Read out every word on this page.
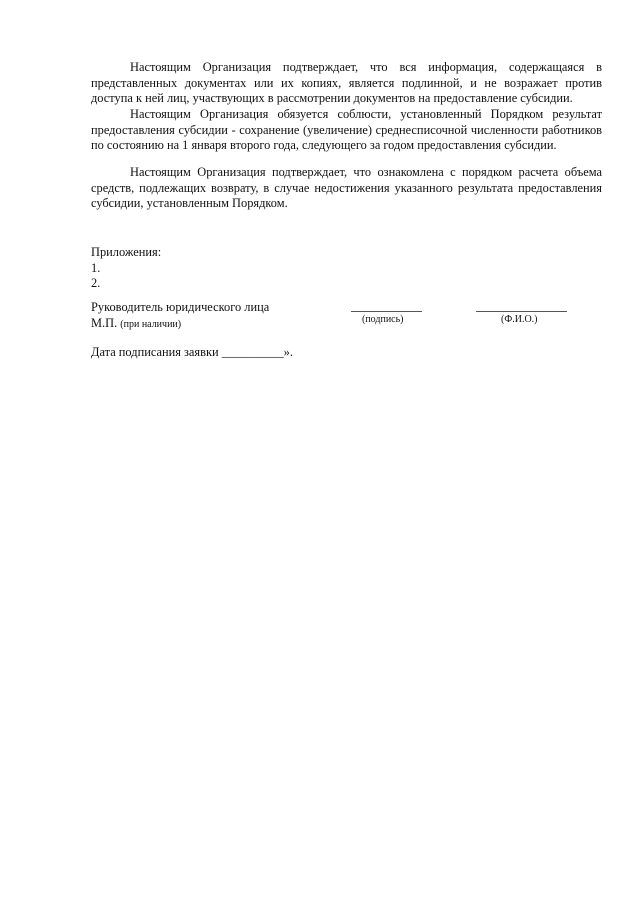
Настоящим Организация подтверждает, что вся информация, содержащаяся в представленных документах или их копиях, является подлинной, и не возражает против доступа к ней лиц, участвующих в рассмотрении документов на предоставление субсидии.

Настоящим Организация обязуется соблюсти, установленный Порядком результат предоставления субсидии - сохранение (увеличение) среднесписочной численности работников по состоянию на 1 января второго года, следующего за годом предоставления субсидии.

Настоящим Организация подтверждает, что ознакомлена с порядком расчета объема средств, подлежащих возврату, в случае недостижения указанного результата предоставления субсидии, установленным Порядком.

Приложения:
1.
2.
Руководитель юридического лица
М.П. (при наличии)	(подпись)	(Ф.И.О.)
Дата подписания заявки __________».
